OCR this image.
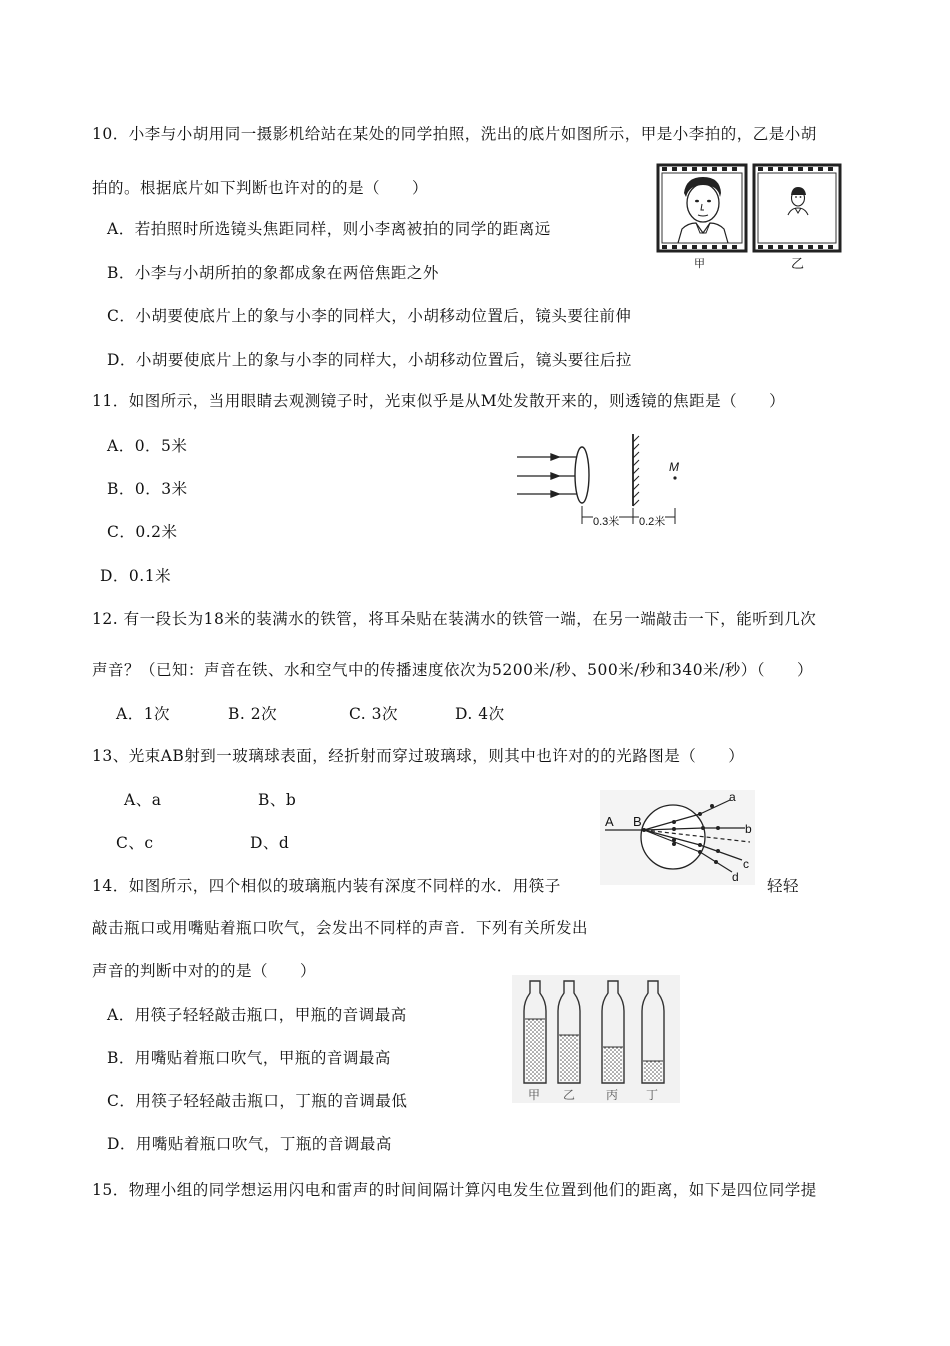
10．小李与小胡用同一摄影机给站在某处的同学拍照，洗出的底片如图所示，甲是小李拍的，乙是小胡
拍的。根据底片如下判断也许对的的是（　　）
A．若拍照时所选镜头焦距同样，则小李离被拍的同学的距离远
B．小李与小胡所拍的象都成象在两倍焦距之外
C．小胡要使底片上的象与小李的同样大，小胡移动位置后，镜头要往前伸
D．小胡要使底片上的象与小李的同样大，小胡移动位置后，镜头要往后拉
甲	乙
11．如图所示，当用眼睛去观测镜子时，光束似乎是从M处发散开来的，则透镜的焦距是（　　）
A．0．5米
B．0．3米
C．0.2米
D．0.1米
M
0.3米 0.2米
12. 有一段长为18米的装满水的铁管，将耳朵贴在装满水的铁管一端，在另一端敲击一下，能听到几次
声音？（已知：声音在铁、水和空气中的传播速度依次为5200米/秒、500米/秒和340米/秒）（　　）
A．1次	B. 2次	C. 3次	D. 4次
13、光束AB射到一玻璃球表面，经折射而穿过玻璃球，则其中也许对的的光路图是（　　）
A、a	B、b
C、c	D、d
A B
a
b
c
d
14．如图所示，四个相似的玻璃瓶内装有深度不同样的水．用筷子	轻轻
敲击瓶口或用嘴贴着瓶口吹气，会发出不同样的声音．下列有关所发出
声音的判断中对的的是（　　）
A．用筷子轻轻敲击瓶口，甲瓶的音调最高
B．用嘴贴着瓶口吹气，甲瓶的音调最高
C．用筷子轻轻敲击瓶口，丁瓶的音调最低
D．用嘴贴着瓶口吹气，丁瓶的音调最高
甲 乙	丙 丁
15．物理小组的同学想运用闪电和雷声的时间间隔计算闪电发生位置到他们的距离，如下是四位同学提
